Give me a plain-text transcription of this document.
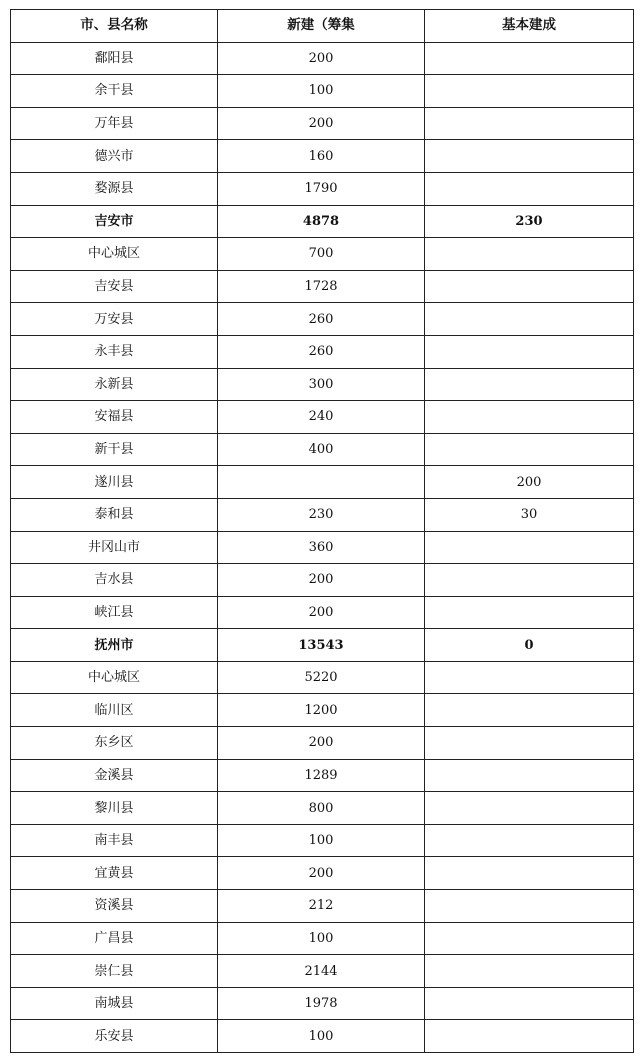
市、县名称	新建（筹集	基本建成
鄱阳县	200	
余干县	100	
万年县	200	
德兴市	160	
婺源县	1790	
吉安市	4878	230
中心城区	700	
吉安县	1728	
万安县	260	
永丰县	260	
永新县	300	
安福县	240	
新干县	400	
遂川县		200
泰和县	230	30
井冈山市	360	
吉水县	200	
峡江县	200	
抚州市	13543	0
中心城区	5220	
临川区	1200	
东乡区	200	
金溪县	1289	
黎川县	800	
南丰县	100	
宜黄县	200	
资溪县	212	
广昌县	100	
崇仁县	2144	
南城县	1978	
乐安县	100	
